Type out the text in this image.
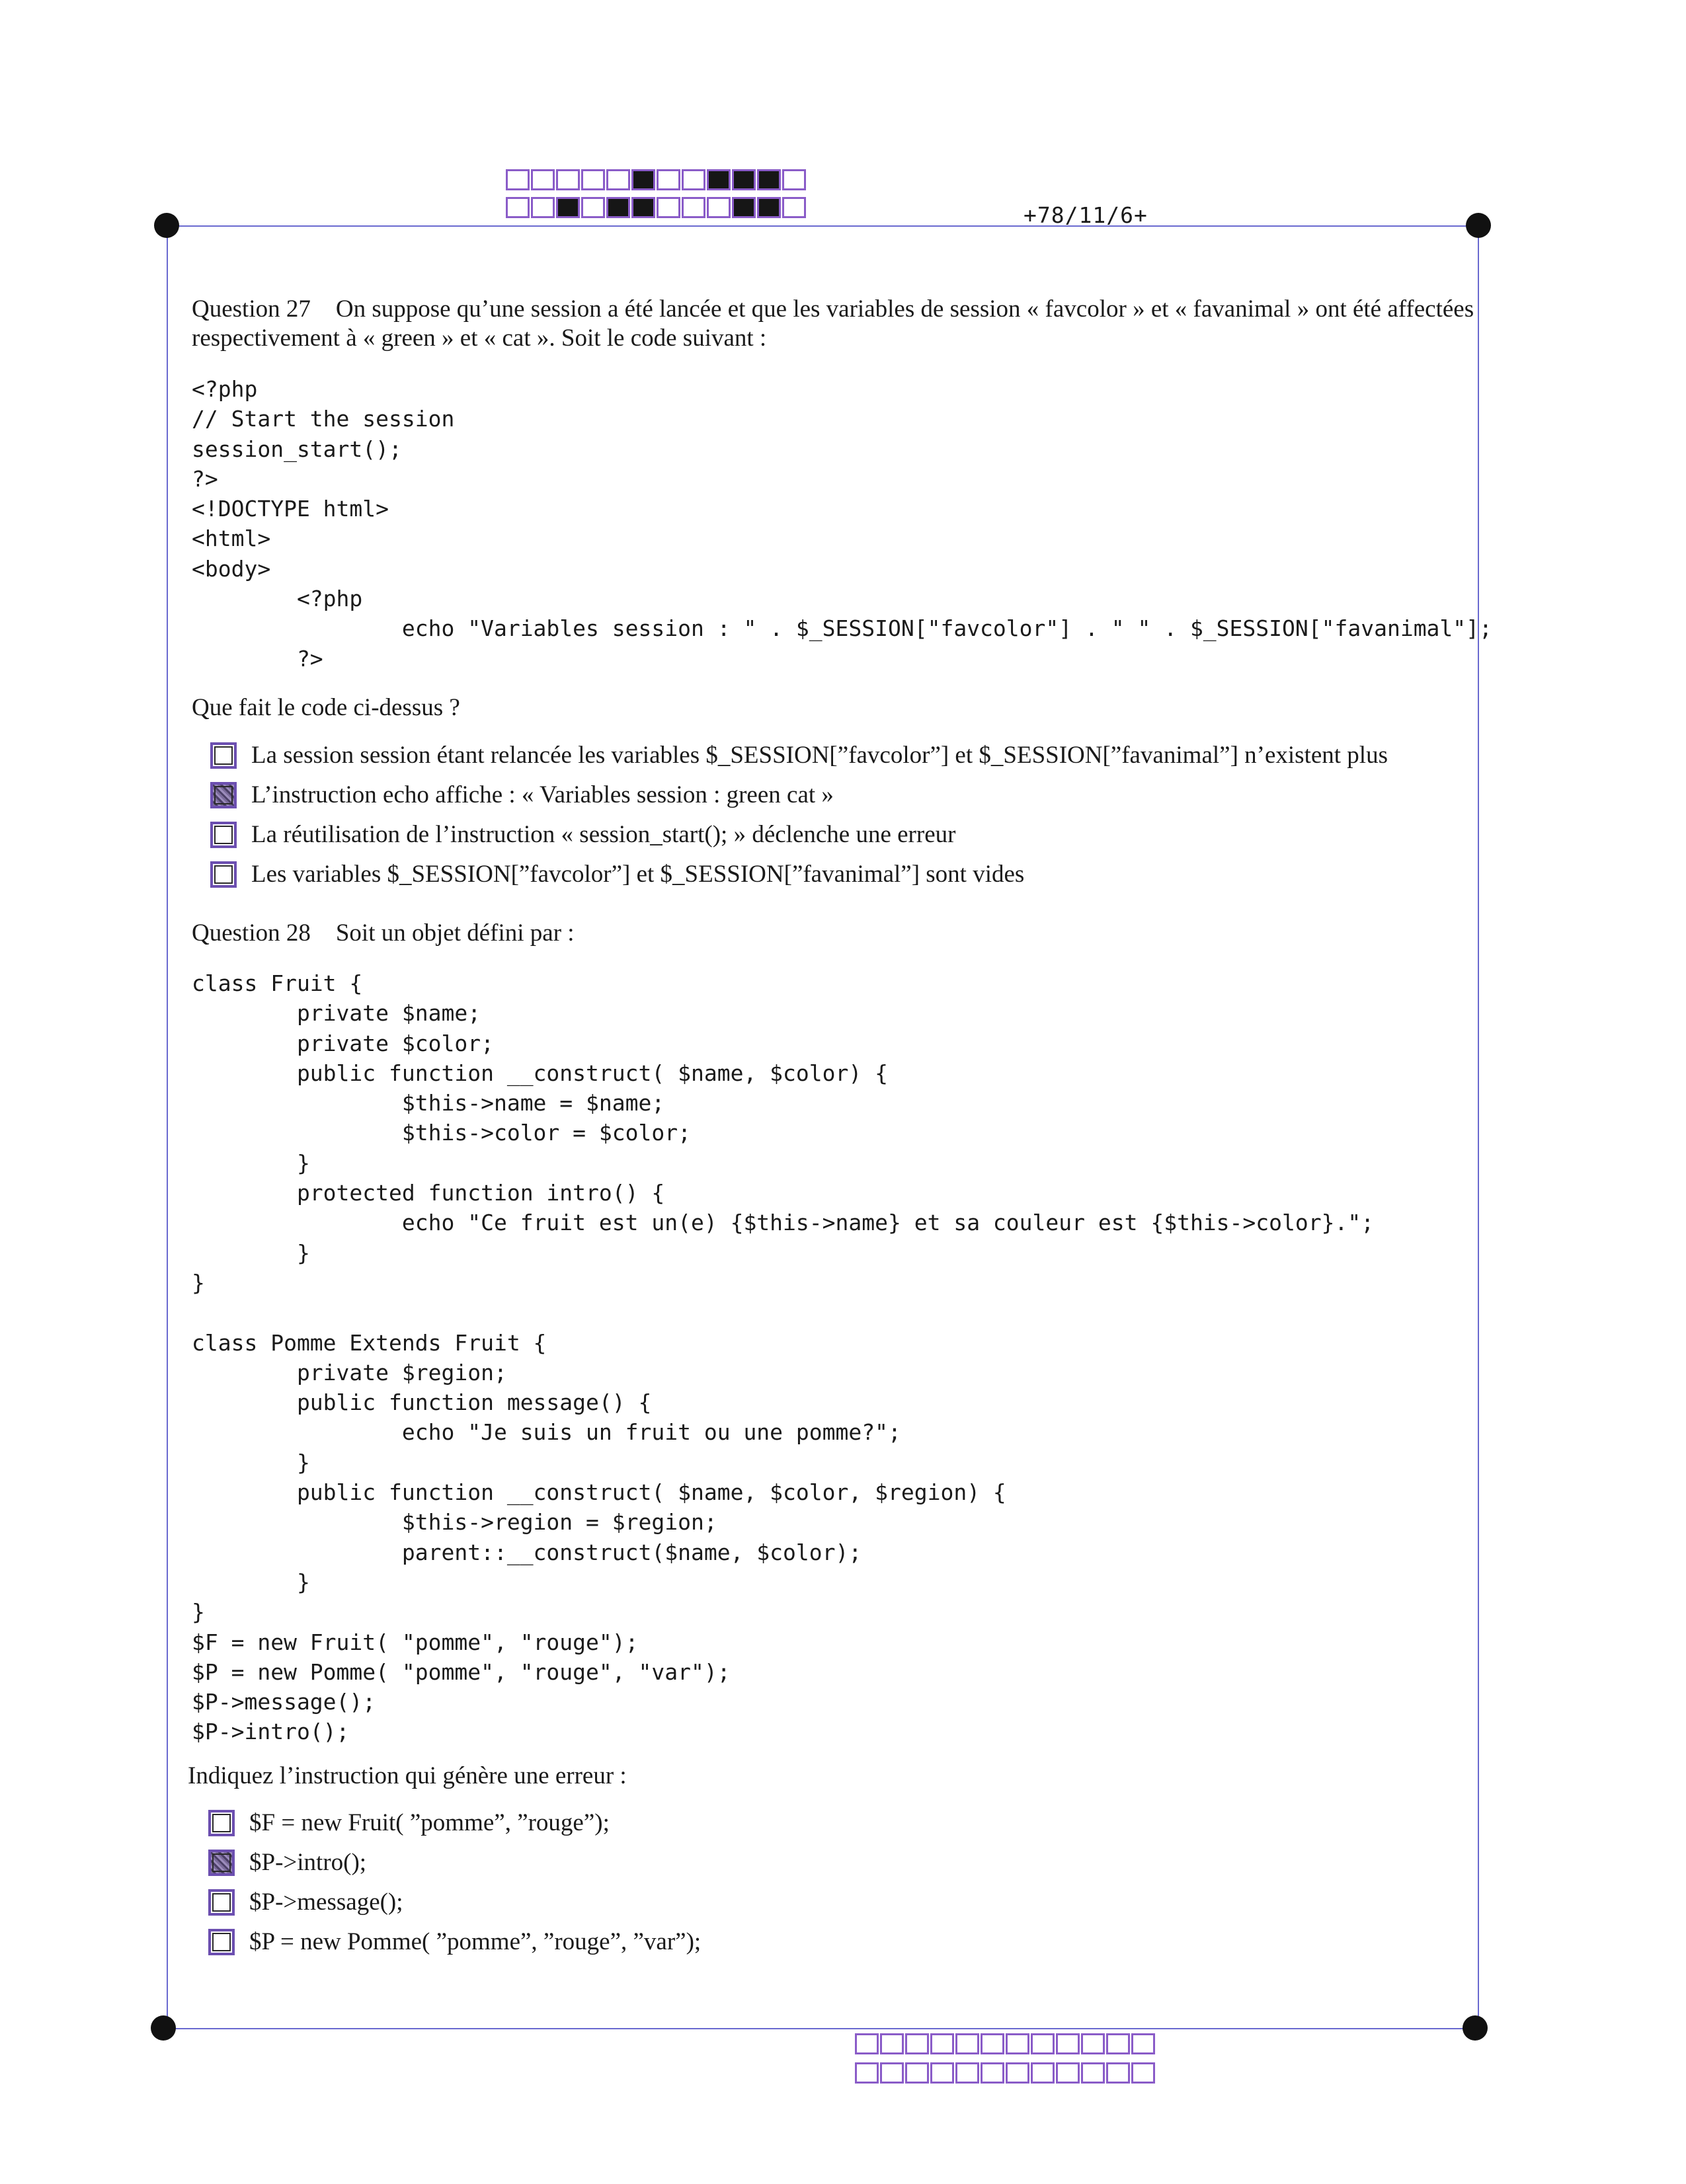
+78/11/6+
Question 27 On suppose qu’une session a été lancée et que les variables de session « favcolor » et « favanimal » ont été affectées respectivement à « green » et « cat ». Soit le code suivant :
<?php
// Start the session
session_start();
?>
<!DOCTYPE html>
<html>
<body>
<?php
echo "Variables session : " . $_SESSION["favcolor"] . " " . $_SESSION["favanimal"];
?>
Que fait le code ci-dessus ?
La session session étant relancée les variables $_SESSION[”favcolor”] et $_SESSION[”favanimal”] n’existent plus
L’instruction echo affiche : « Variables session : green cat »
La réutilisation de l’instruction « session_start(); » déclenche une erreur
Les variables $_SESSION[”favcolor”] et $_SESSION[”favanimal”] sont vides
Question 28 Soit un objet défini par :
class Fruit {
private $name;
private $color;
public function __construct( $name, $color) {
$this->name = $name;
$this->color = $color;
}
protected function intro() {
echo "Ce fruit est un(e) {$this->name} et sa couleur est {$this->color}.";
}
}

class Pomme Extends Fruit {
private $region;
public function message() {
echo "Je suis un fruit ou une pomme?";
}
public function __construct( $name, $color, $region) {
$this->region = $region;
parent::__construct($name, $color);
}
}
$F = new Fruit( "pomme", "rouge");
$P = new Pomme( "pomme", "rouge", "var");
$P->message();
$P->intro();
Indiquez l’instruction qui génère une erreur :
$F = new Fruit( ”pomme”, ”rouge”);
$P->intro();
$P->message();
$P = new Pomme( ”pomme”, ”rouge”, ”var”);
